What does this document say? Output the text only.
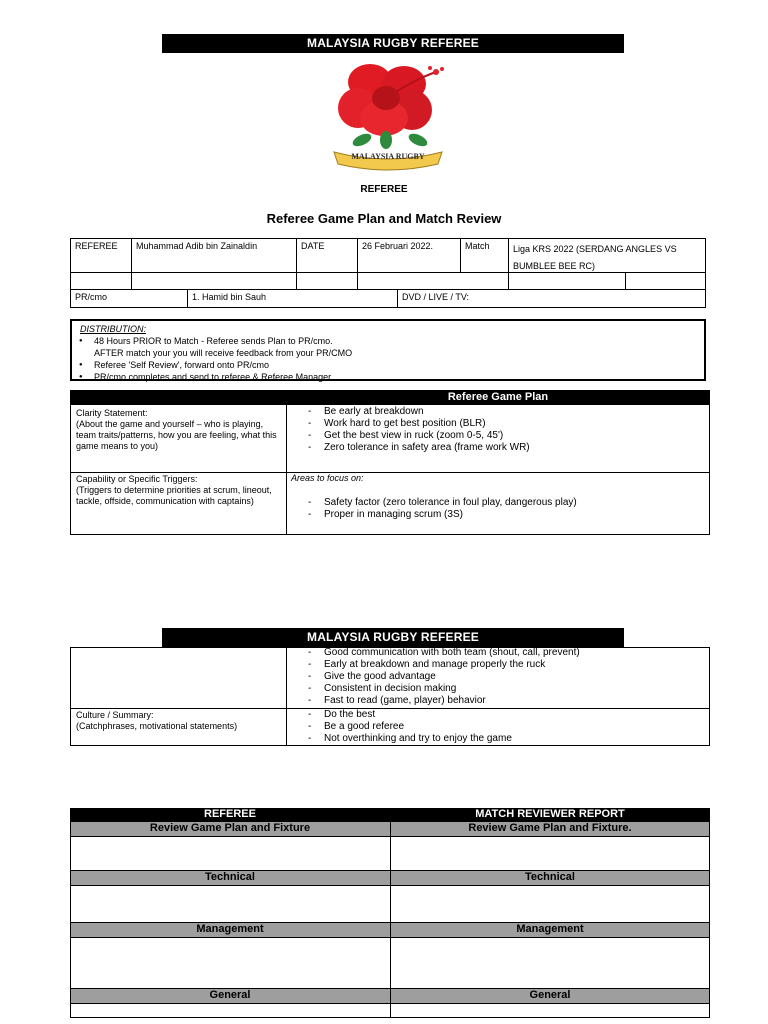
MALAYSIA RUGBY REFEREE
MALAYSIA RUGBY
REFEREE
Referee Game Plan and Match Review
REFEREE	Muhammad Adib bin Zainaldin	DATE	26 Februari 2022.	Match	Liga KRS 2022 (SERDANG ANGLES VS BUMBLEE BEE RC)
PR/cmo	1. Hamid bin Sauh	DVD / LIVE / TV:
DISTRIBUTION:
● 48 Hours PRIOR to Match - Referee sends Plan to PR/cmo.
AFTER match your you will receive feedback from your PR/CMO
● Referee 'Self Review', forward onto PR/cmo
● PR/cmo completes and send to referee & Referee Manager
Referee Game Plan
Clarity Statement:
(About the game and yourself – who is playing, team traits/patterns, how you are feeling, what this game means to you)
- Be early at breakdown
- Work hard to get best position (BLR)
- Get the best view in ruck (zoom 0-5, 45')
- Zero tolerance in safety area (frame work WR)
Capability or Specific Triggers:
(Triggers to determine priorities at scrum, lineout, tackle, offside, communication with captains)
Areas to focus on:
- Safety factor (zero tolerance in foul play, dangerous play)
- Proper in managing scrum (3S)
MALAYSIA RUGBY REFEREE
- Good communication with both team (shout, call, prevent)
- Early at breakdown and manage properly the ruck
- Give the good advantage
- Consistent in decision making
- Fast to read (game, player) behavior
Culture / Summary:
(Catchphrases, motivational statements)
- Do the best
- Be a good referee
- Not overthinking and try to enjoy the game
REFEREE	MATCH REVIEWER REPORT
Review Game Plan and Fixture	Review Game Plan and Fixture.
Technical	Technical
Management	Management
General	General
